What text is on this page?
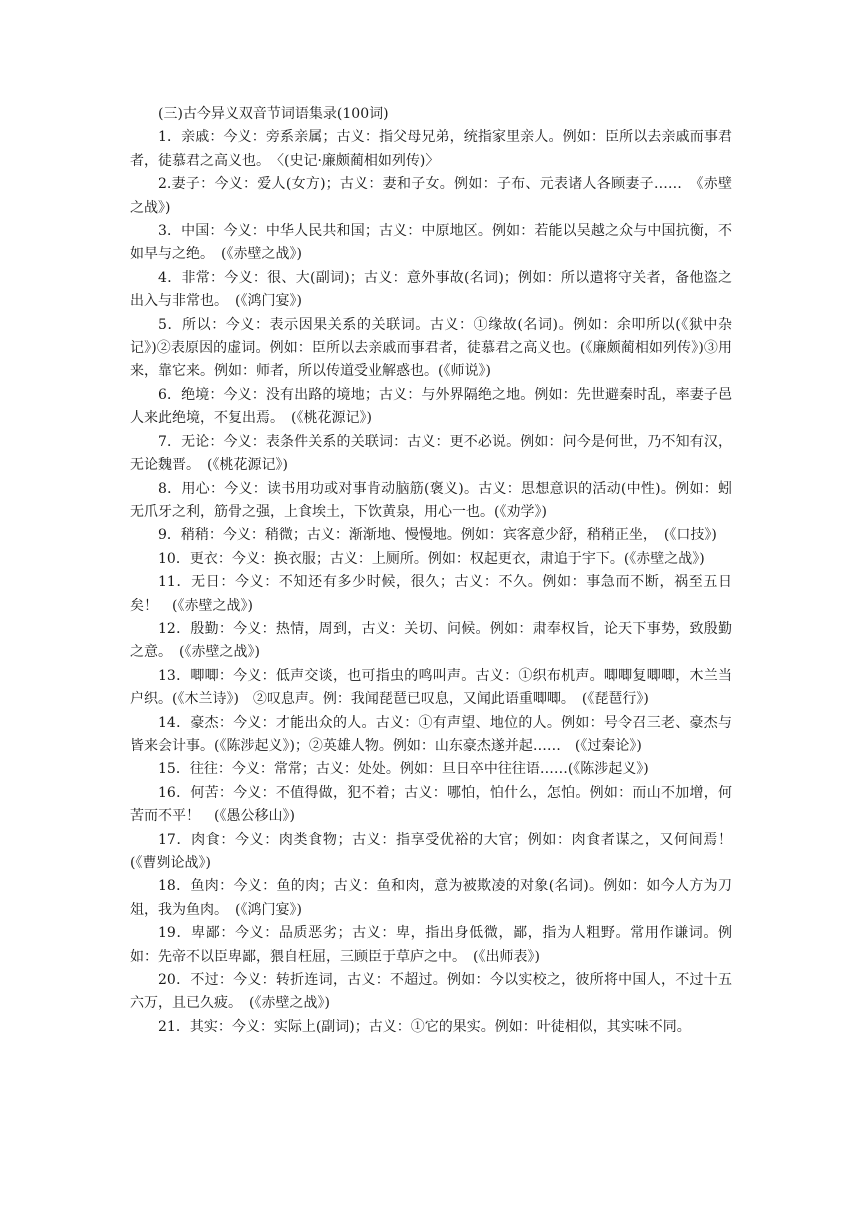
(三)古今异义双音节词语集录(100词)

1．亲戚：今义：旁系亲属；古义：指父母兄弟，统指家里亲人。例如：臣所以去亲戚而事君者，徒慕君之高义也。　〈(史记·廉颇蔺相如列传)〉

2.妻子：今义：爱人(女方)；古义：妻和子女。例如：子布、元表诸人各顾妻子……　《赤壁之战》)

3．中国：今义：中华人民共和国；古义：中原地区。例如：若能以吴越之众与中国抗衡，不如早与之绝。　(《赤壁之战》)

4．非常：今义：很、大(副词)；古义：意外事故(名词)；例如：所以遣将守关者，备他盗之出入与非常也。　(《鸿门宴》)

5．所以：今义：表示因果关系的关联词。古义：①缘故(名词)。例如：余叩所以(《狱中杂记》)②表原因的虚词。例如：臣所以去亲戚而事君者，徒慕君之高义也。(《廉颇蔺相如列传》)③用来，靠它来。例如：师者，所以传道受业解惑也。(《师说》)

6．绝境：今义：没有出路的境地；古义：与外界隔绝之地。例如：先世避秦时乱，率妻子邑人来此绝境，不复出焉。　(《桃花源记》)

7．无论：今义：表条件关系的关联词：古义：更不必说。例如：问今是何世，乃不知有汉，无论魏晋。　(《桃花源记》)

8．用心：今义：读书用功或对事肯动脑筋(褒义)。古义：思想意识的活动(中性)。例如：蚓无爪牙之利，筋骨之强，上食埃土，下饮黄泉，用心一也。(《劝学》)

9．稍稍：今义：稍微；古义：渐渐地、慢慢地。例如：宾客意少舒，稍稍正坐，　(《口技》)

10．更衣：今义：换衣服；古义：上厕所。例如：权起更衣，肃追于宇下。(《赤壁之战》)

11．无日：今义：不知还有多少时候，很久；古义：不久。例如：事急而不断，祸至五日矣！　(《赤壁之战》)

12．殷勤：今义：热情，周到，古义：关切、问候。例如：肃奉权旨，论天下事势，致殷勤之意。　(《赤壁之战》)

13．唧唧：今义：低声交谈，也可指虫的鸣叫声。古义：①织布机声。唧唧复唧唧，木兰当户织。(《木兰诗》)　②叹息声。例：我闻琵琶已叹息，又闻此语重唧唧。　(《琵琶行》)

14．豪杰：今义：才能出众的人。古义：①有声望、地位的人。例如：号令召三老、豪杰与皆来会计事。(《陈涉起义》)；②英雄人物。例如：山东豪杰遂并起……　(《过秦论》)

15．往往：今义：常常；古义：处处。例如：旦日卒中往往语……(《陈涉起义》)

16．何苦：今义：不值得做，犯不着；古义：哪怕，怕什么，怎怕。例如：而山不加增，何苦而不平！　(《愚公移山》)

17．肉食：今义：肉类食物；古义：指享受优裕的大官；例如：肉食者谋之，又何间焉！(《曹刿论战》)

18．鱼肉：今义：鱼的肉；古义：鱼和肉，意为被欺凌的对象(名词)。例如：如今人方为刀俎，我为鱼肉。　(《鸿门宴》)

19．卑鄙：今义：品质恶劣；古义：卑，指出身低微，鄙，指为人粗野。常用作谦词。例如：先帝不以臣卑鄙，猥自枉屈，三顾臣于草庐之中。　(《出师表》)

20．不过：今义：转折连词，古义：不超过。例如：今以实校之，彼所将中国人，不过十五六万，且已久疲。　(《赤壁之战》)

21．其实：今义：实际上(副词)；古义：①它的果实。例如：叶徒相似，其实味不同。
